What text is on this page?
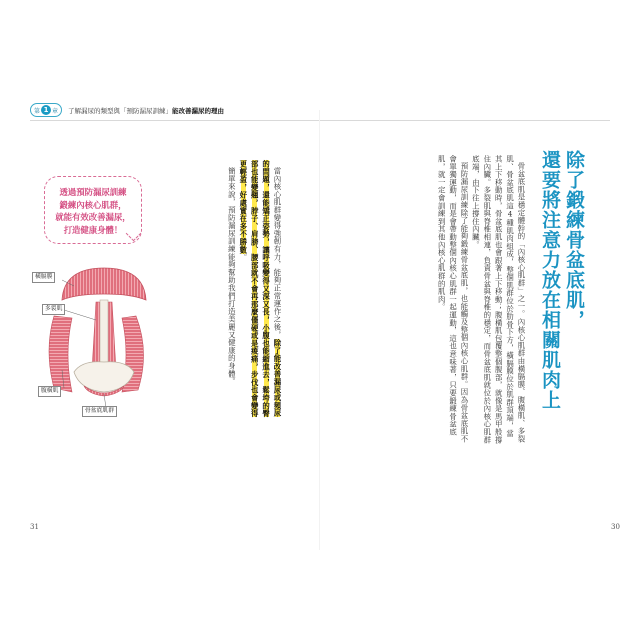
第 1 章 了解漏尿的類型與「預防漏尿訓練」能改善漏尿的理由
除了鍛練骨盆底肌，
還要將注意力放在相關肌肉上

骨盆底肌是穩定體幹的「內核心肌群」之一。內核心肌群由橫膈膜、腹橫肌、多裂肌、骨盆底肌這4種肌肉組成，整個肌群位於肋骨下方，橫膈膜位於肌群頂端，當其上下移動時，骨盆底肌也會跟著上下移動；腹橫肌包覆整個腹部，就像是馬甲般撐住內臟。多裂肌與脊椎相連，負責骨盆與脊椎的穩定，而骨盆底肌就位於內核心肌群底端，由下往上撐住內臟。

預防漏尿訓練除了能夠鍛練骨盆底肌，也能觸及整個內核心肌群。因為骨盆底肌不會單獨運動，而是會帶動整個內核心肌群一起運動，這也意味著，只要鍛練骨盆底肌，就一定會訓練到其他內核心肌群的肌肉。

30

當內核心肌群變得強韌有力，能夠正常運作之後，除了能改善漏尿或頻尿的問題，還能矯正姿勢，讓呼吸變得又深又長，小腹也能縮進去，鬆垮的臀部也能變翹，脖子、肩膀、腰部就不會再那麼僵硬或是痠痛，步伐也會變得更輕盈，好處實在多不勝數。

簡單來說，預防漏尿訓練能夠幫助我們打造美麗又健康的身體。

透過預防漏尿訓練
鍛練內核心肌群，
就能有效改善漏尿，
打造健康身體！
橫膈膜
多裂肌
腹橫肌
骨盆底肌群
31
